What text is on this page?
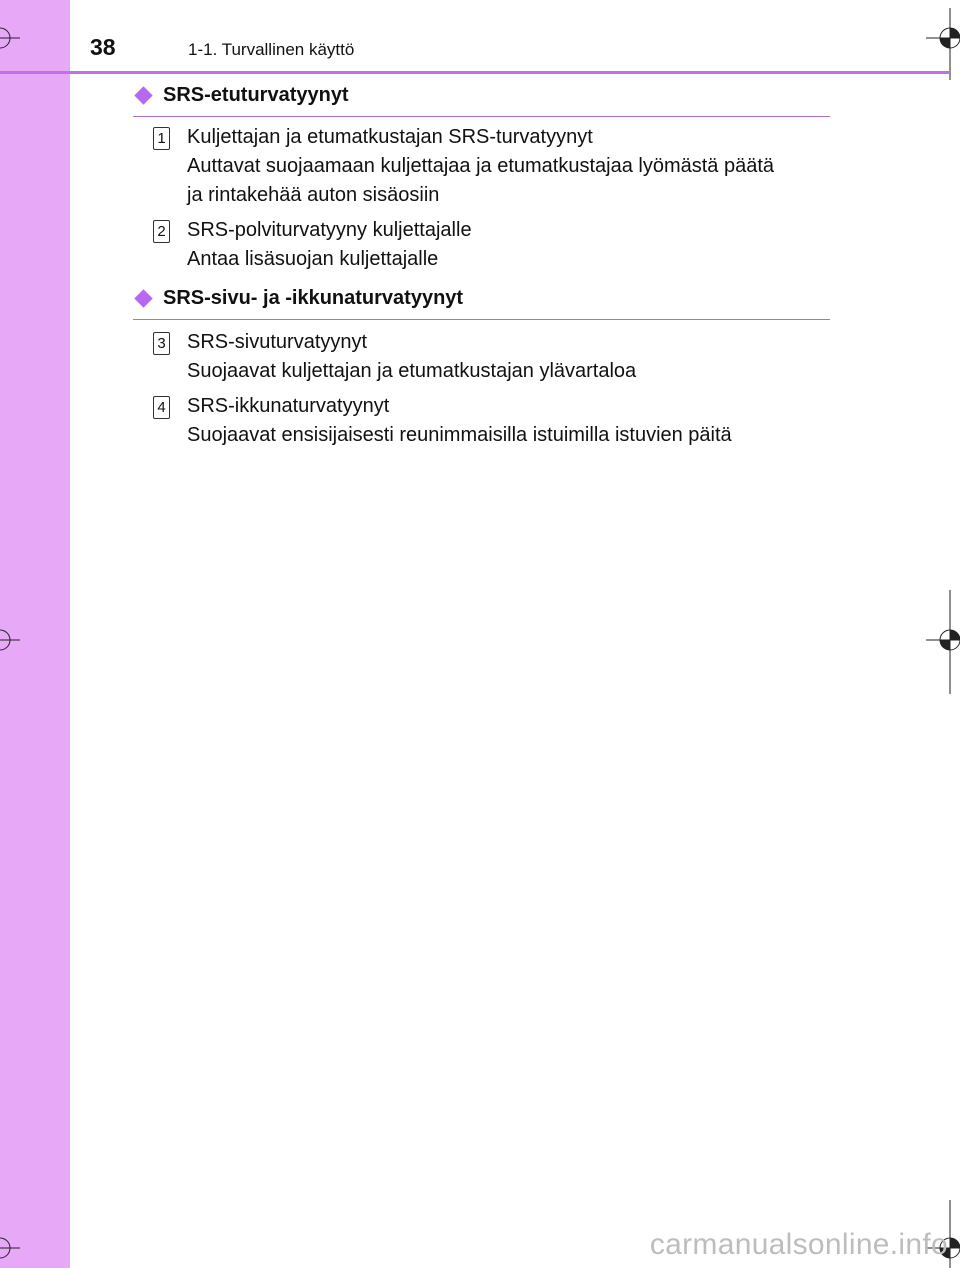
38	1-1. Turvallinen käyttö
SRS-etuturvatyynyt
1 Kuljettajan ja etumatkustajan SRS-turvatyynyt
Auttavat suojaamaan kuljettajaa ja etumatkustajaa lyömästä päätä
ja rintakehää auton sisäosiin
2 SRS-polviturvatyyny kuljettajalle
Antaa lisäsuojan kuljettajalle
SRS-sivu- ja -ikkunaturvatyynyt
3 SRS-sivuturvatyynyt
Suojaavat kuljettajan ja etumatkustajan ylävartaloa
4 SRS-ikkunaturvatyynyt
Suojaavat ensisijaisesti reunimmaisilla istuimilla istuvien päitä
carmanualsonline.info
